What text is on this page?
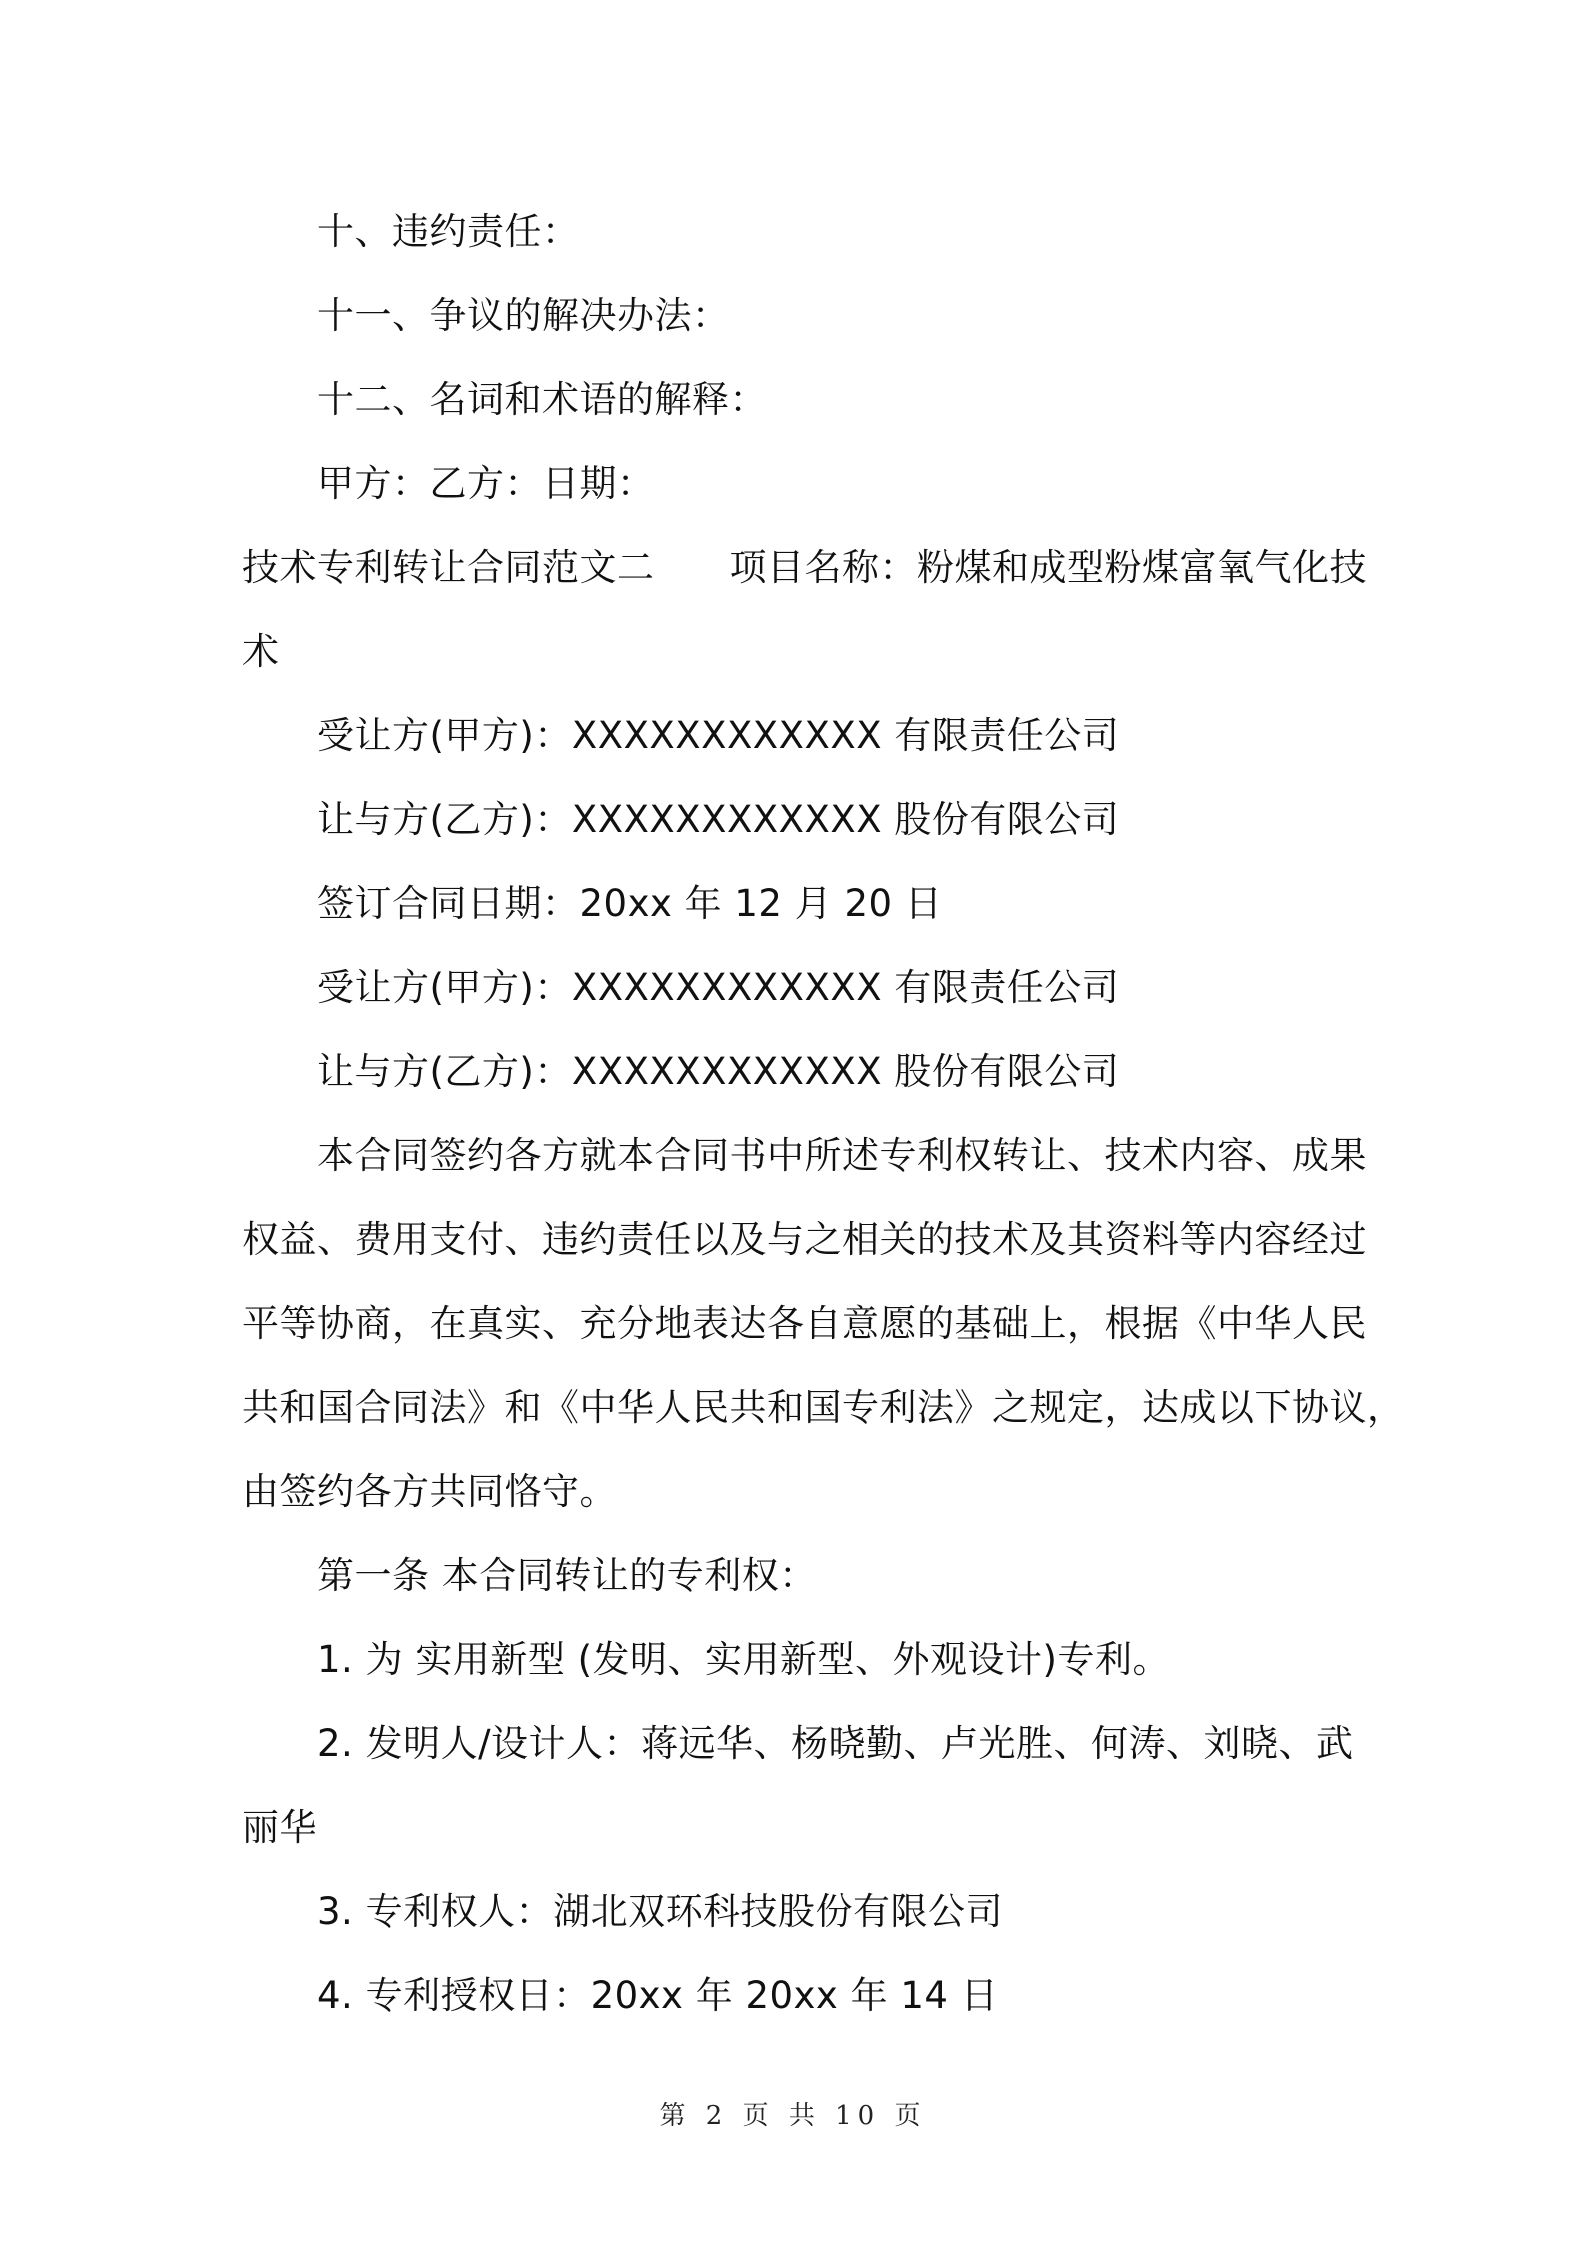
十、违约责任：
十一、争议的解决办法：
十二、名词和术语的解释：
甲方：乙方：日期：
技术专利转让合同范文二 项目名称：粉煤和成型粉煤富氧气化技
术
受让方(甲方)：XXXXXXXXXXXX 有限责任公司
让与方(乙方)：XXXXXXXXXXXX 股份有限公司
签订合同日期：20xx 年 12 月 20 日
受让方(甲方)：XXXXXXXXXXXX 有限责任公司
让与方(乙方)：XXXXXXXXXXXX 股份有限公司
本合同签约各方就本合同书中所述专利权转让、技术内容、成果
权益、费用支付、违约责任以及与之相关的技术及其资料等内容经过
平等协商，在真实、充分地表达各自意愿的基础上，根据《中华人民
共和国合同法》和《中华人民共和国专利法》之规定，达成以下协议，
由签约各方共同恪守。
第一条 本合同转让的专利权：
1. 为 实用新型 (发明、实用新型、外观设计)专利。
2. 发明人/设计人：蒋远华、杨晓勤、卢光胜、何涛、刘晓、武
丽华
3. 专利权人：湖北双环科技股份有限公司
4. 专利授权日：20xx 年 20xx 年 14 日
第 2 页 共 10 页
